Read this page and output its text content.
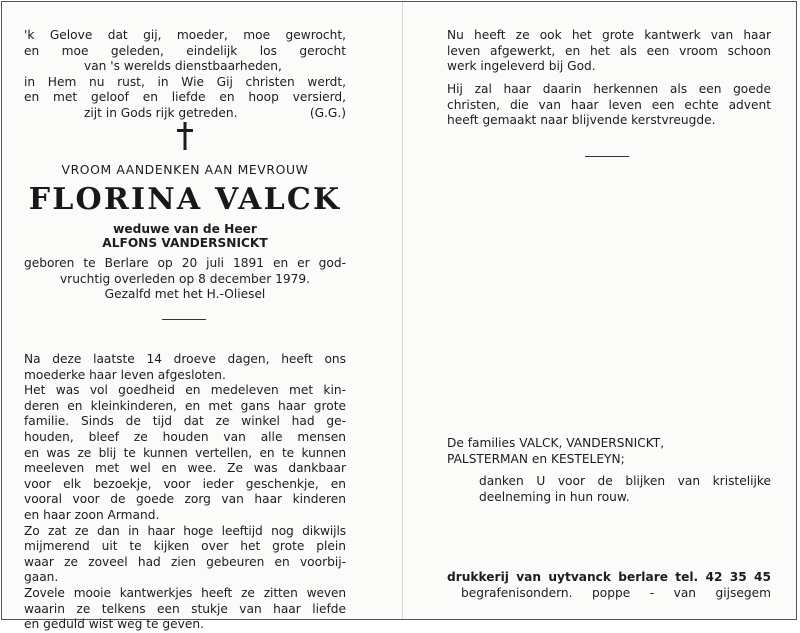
'k Gelove dat gij, moeder, moe gewrocht,
en moe geleden, eindelijk los gerocht
van 's werelds dienstbaarheden,
in Hem nu rust, in Wie Gij christen werdt,
en met geloof en liefde en hoop versierd,
zijt in Gods rijk getreden.	(G.G.)
VROOM AANDENKEN AAN MEVROUW
FLORINA VALCK
weduwe van de Heer
ALFONS VANDERSNICKT
geboren te Berlare op 20 juli 1891 en er god-
vruchtig overleden op 8 december 1979.
Gezalfd met het H.-Oliesel
Na deze laatste 14 droeve dagen, heeft ons
moederke haar leven afgesloten.
Het was vol goedheid en medeleven met kin-
deren en kleinkinderen, en met gans haar grote
familie. Sinds de tijd dat ze winkel had ge-
houden, bleef ze houden van alle mensen
en was ze blij te kunnen vertellen, en te kunnen
meeleven met wel en wee. Ze was dankbaar
voor elk bezoekje, voor ieder geschenkje, en
vooral voor de goede zorg van haar kinderen
en haar zoon Armand.
Zo zat ze dan in haar hoge leeftijd nog dikwijls
mijmerend uit te kijken over het grote plein
waar ze zoveel had zien gebeuren en voorbij-
gaan.
Zovele mooie kantwerkjes heeft ze zitten weven
waarin ze telkens een stukje van haar liefde
en geduld wist weg te geven.
Nu heeft ze ook het grote kantwerk van haar
leven afgewerkt, en het als een vroom schoon
werk ingeleverd bij God.
Hij zal haar daarin herkennen als een goede
christen, die van haar leven een echte advent
heeft gemaakt naar blijvende kerstvreugde.
De families VALCK, VANDERSNICKT,
PALSTERMAN en KESTELEYN;
danken U voor de blijken van kristelijke
deelneming in hun rouw.
drukkerij van uytvanck berlare tel. 42 35 45
begrafenisondern. poppe - van gijsegem
